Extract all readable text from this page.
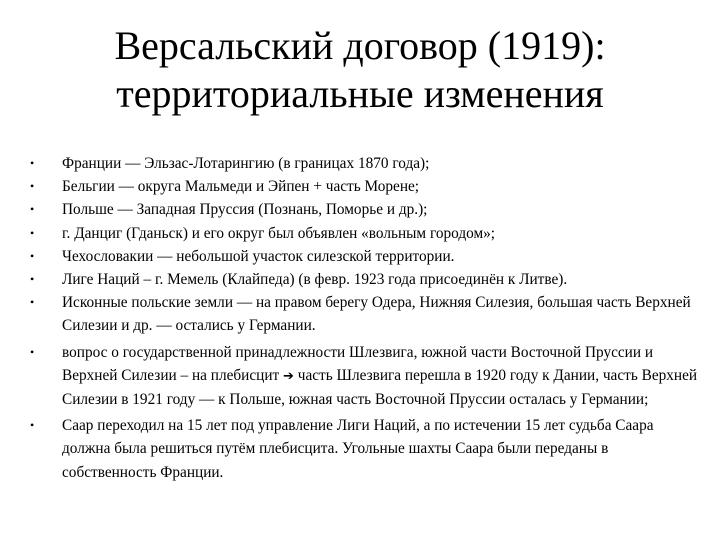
Версальский договор (1919):
территориальные изменения
•	Франции — Эльзас-Лотарингию (в границах 1870 года);
•	Бельгии — округа Мальмеди и Эйпен + часть Морене;
•	Польше — Западная Пруссия (Познань, Поморье и др.);
•	г. Данциг (Гданьск) и его округ был объявлен «вольным городом»;
•	Чехословакии — небольшой участок силезской территории.
•	Лиге Наций – г. Мемель (Клайпеда) (в февр. 1923 года присоединён к Литве).
•	Исконные польские земли — на правом берегу Одера, Нижняя Силезия, большая часть Верхней Силезии и др. — остались у Германии.
•	вопрос о государственной принадлежности Шлезвига, южной части Восточной Пруссии и Верхней Силезии – на плебисцит ➔ часть Шлезвига перешла в 1920 году к Дании, часть Верхней Силезии в 1921 году — к Польше, южная часть Восточной Пруссии осталась у Германии;
•	Саар переходил на 15 лет под управление Лиги Наций, а по истечении 15 лет судьба Саара должна была решиться путём плебисцита. Угольные шахты Саара были переданы в собственность Франции.
